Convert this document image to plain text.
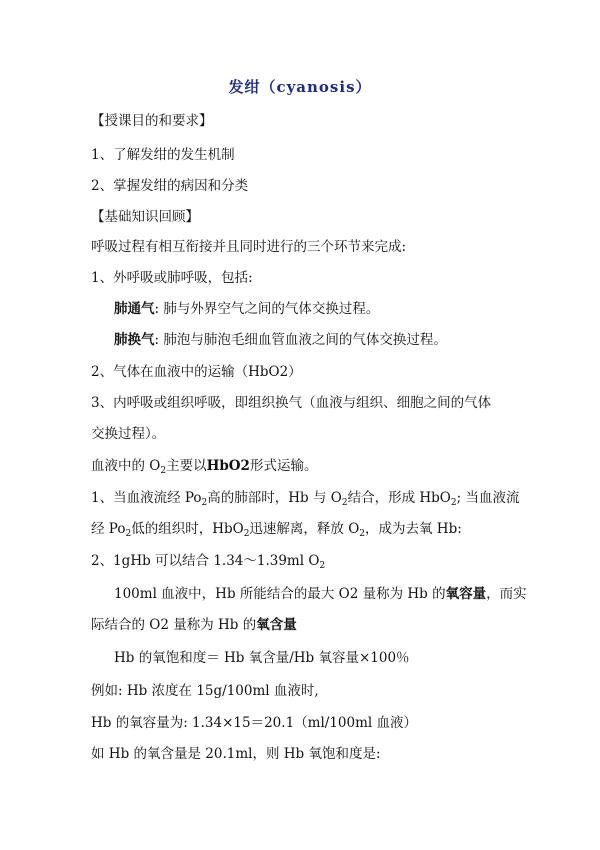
发绀（cyanosis）
【授课目的和要求】
1、了解发绀的发生机制
2、掌握发绀的病因和分类
【基础知识回顾】
呼吸过程有相互衔接并且同时进行的三个环节来完成:
1、外呼吸或肺呼吸，包括:
肺通气: 肺与外界空气之间的气体交换过程。
肺换气: 肺泡与肺泡毛细血管血液之间的气体交换过程。
2、气体在血液中的运输（HbO2）
3、内呼吸或组织呼吸，即组织换气（血液与组织、细胞之间的气体
交换过程）。
血液中的 $O_2$主要以HbO2形式运输。
1、当血液流经 $Po_2$高的肺部时，Hb 与 $O_2$结合，形成 HbO$_2$; 当血液流
经 $Po_2$低的组织时，HbO$_2$迅速解离，释放 $O_2$，成为去氧 Hb:
2、1gHb 可以结合 1.34～1.39ml $O_2$
100ml 血液中，Hb 所能结合的最大 O2 量称为 Hb 的氧容量，而实
际结合的 O2 量称为 Hb 的氧含量
Hb 的氧饱和度＝ Hb 氧含量/Hb 氧容量×100％
例如: Hb 浓度在 15g/100ml 血液时,
Hb 的氧容量为: 1.34×15＝20.1（ml/100ml 血液）
如 Hb 的氧含量是 20.1ml，则 Hb 氧饱和度是:
